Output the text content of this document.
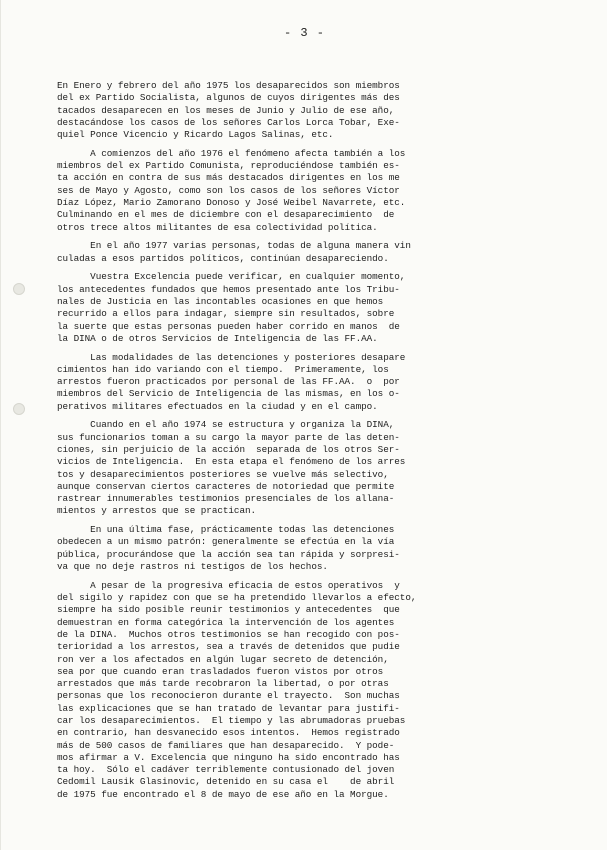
- 3 -
En Enero y febrero del año 1975 los desaparecidos son miembros
del ex Partido Socialista, algunos de cuyos dirigentes más des
tacados desaparecen en los meses de Junio y Julio de ese año,
destacándose los casos de los señores Carlos Lorca Tobar, Exe-
quiel Ponce Vicencio y Ricardo Lagos Salinas, etc.
A comienzos del año 1976 el fenómeno afecta también a los
miembros del ex Partido Comunista, reproduciéndose también es-
ta acción en contra de sus más destacados dirigentes en los me
ses de Mayo y Agosto, como son los casos de los señores Víctor
Díaz López, Mario Zamorano Donoso y José Weibel Navarrete, etc.
Culminando en el mes de diciembre con el desaparecimiento  de
otros trece altos militantes de esa colectividad política.
En el año 1977 varias personas, todas de alguna manera vin
culadas a esos partidos políticos, continúan desapareciendo.
Vuestra Excelencia puede verificar, en cualquier momento,
los antecedentes fundados que hemos presentado ante los Tribu-
nales de Justicia en las incontables ocasiones en que hemos
recurrido a ellos para indagar, siempre sin resultados, sobre
la suerte que estas personas pueden haber corrido en manos  de
la DINA o de otros Servicios de Inteligencia de las FF.AA.
Las modalidades de las detenciones y posteriores desapare
cimientos han ido variando con el tiempo.  Primeramente, los
arrestos fueron practicados por personal de las FF.AA.  o  por
miembros del Servicio de Inteligencia de las mismas, en los o-
perativos militares efectuados en la ciudad y en el campo.
Cuando en el año 1974 se estructura y organiza la DINA,
sus funcionarios toman a su cargo la mayor parte de las deten-
ciones, sin perjuicio de la acción  separada de los otros Ser-
vicios de Inteligencia.  En esta etapa el fenómeno de los arres
tos y desaparecimientos posteriores se vuelve más selectivo,
aunque conservan ciertos caracteres de notoriedad que permite
rastrear innumerables testimonios presenciales de los allana-
mientos y arrestos que se practican.
En una última fase, prácticamente todas las detenciones
obedecen a un mismo patrón: generalmente se efectúa en la vía
pública, procurándose que la acción sea tan rápida y sorpresi-
va que no deje rastros ni testigos de los hechos.
A pesar de la progresiva eficacia de estos operativos  y
del sigilo y rapidez con que se ha pretendido llevarlos a efecto,
siempre ha sido posible reunir testimonios y antecedentes  que
demuestran en forma categórica la intervención de los agentes
de la DINA.  Muchos otros testimonios se han recogido con pos-
terioridad a los arrestos, sea a través de detenidos que pudie
ron ver a los afectados en algún lugar secreto de detención,
sea por que cuando eran trasladados fueron vistos por otros
arrestados que más tarde recobraron la libertad, o por otras
personas que los reconocieron durante el trayecto.  Son muchas
las explicaciones que se han tratado de levantar para justifi-
car los desaparecimientos.  El tiempo y las abrumadoras pruebas
en contrario, han desvanecido esos intentos.  Hemos registrado
más de 500 casos de familiares que han desaparecido.  Y pode-
mos afirmar a V. Excelencia que ninguno ha sido encontrado has
ta hoy.  Sólo el cadáver terriblemente contusionado del joven
Cedomil Lausik Glasinovic, detenido en su casa el    de abril
de 1975 fue encontrado el 8 de mayo de ese año en la Morgue.
